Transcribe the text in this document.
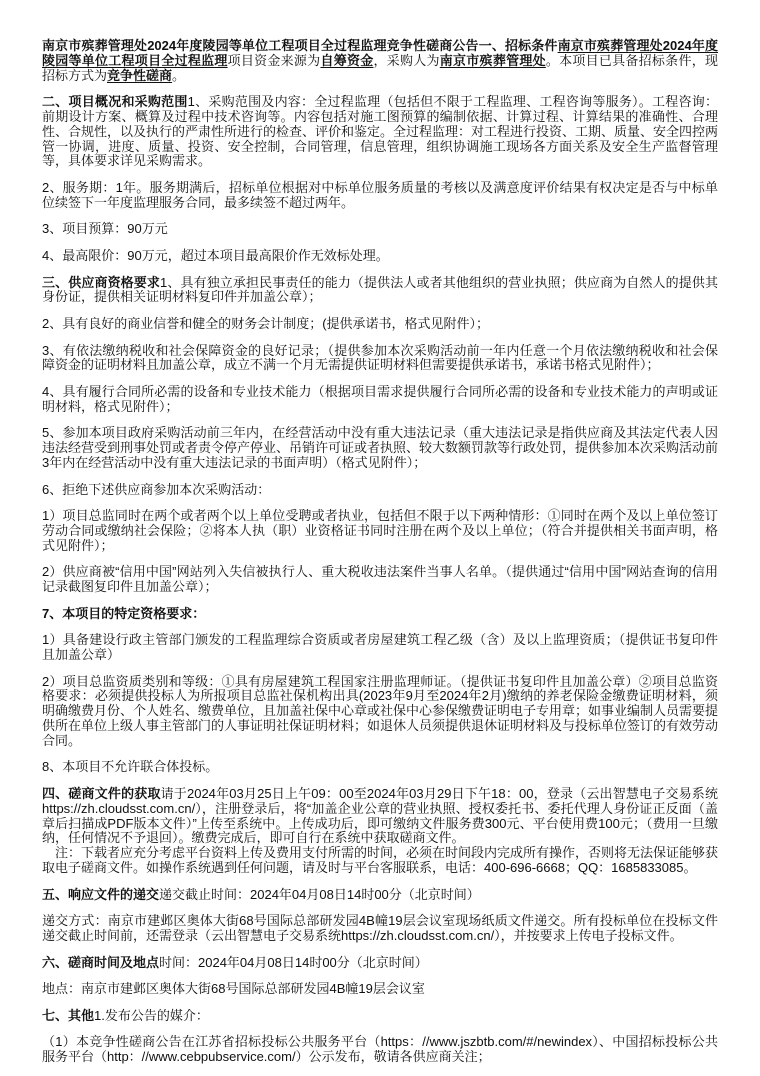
南京市殡葬管理处2024年度陵园等单位工程项目全过程监理竞争性磋商公告一、招标条件南京市殡葬管理处2024年度陵园等单位工程项目全过程监理项目资金来源为自筹资金，采购人为南京市殡葬管理处。本项目已具备招标条件，现招标方式为竞争性磋商。

二、项目概况和采购范围1、采购范围及内容：全过程监理（包括但不限于工程监理、工程咨询等服务）。工程咨询：前期设计方案、概算及过程中技术咨询等。内容包括对施工图预算的编制依据、计算过程、计算结果的准确性、合理性、合规性，以及执行的严肃性所进行的检查、评价和鉴定。全过程监理：对工程进行投资、工期、质量、安全四控两管一协调，进度、质量、投资、安全控制，合同管理，信息管理，组织协调施工现场各方面关系及安全生产监督管理等，具体要求详见采购需求。

2、服务期：1年。服务期满后，招标单位根据对中标单位服务质量的考核以及满意度评价结果有权决定是否与中标单位续签下一年度监理服务合同，最多续签不超过两年。

3、项目预算：90万元

4、最高限价：90万元，超过本项目最高限价作无效标处理。

三、供应商资格要求1、具有独立承担民事责任的能力（提供法人或者其他组织的营业执照；供应商为自然人的提供其身份证，提供相关证明材料复印件并加盖公章）；

2、具有良好的商业信誉和健全的财务会计制度；(提供承诺书，格式见附件）；

3、有依法缴纳税收和社会保障资金的良好记录；（提供参加本次采购活动前一年内任意一个月依法缴纳税收和社会保障资金的证明材料且加盖公章，成立不满一个月无需提供证明材料但需要提供承诺书，承诺书格式见附件）；

4、具有履行合同所必需的设备和专业技术能力（根据项目需求提供履行合同所必需的设备和专业技术能力的声明或证明材料，格式见附件）；

5、参加本项目政府采购活动前三年内，在经营活动中没有重大违法记录（重大违法记录是指供应商及其法定代表人因违法经营受到刑事处罚或者责令停产停业、吊销许可证或者执照、较大数额罚款等行政处罚，提供参加本次采购活动前3年内在经营活动中没有重大违法记录的书面声明）（格式见附件）；

6、拒绝下述供应商参加本次采购活动：

1）项目总监同时在两个或者两个以上单位受聘或者执业，包括但不限于以下两种情形：①同时在两个及以上单位签订劳动合同或缴纳社会保险；②将本人执（职）业资格证书同时注册在两个及以上单位；（符合并提供相关书面声明，格式见附件）；

2）供应商被“信用中国”网站列入失信被执行人、重大税收违法案件当事人名单。（提供通过“信用中国”网站查询的信用记录截图复印件且加盖公章）；

7、本项目的特定资格要求：

1）具备建设行政主管部门颁发的工程监理综合资质或者房屋建筑工程乙级（含）及以上监理资质；（提供证书复印件且加盖公章）

2）项目总监资质类别和等级：①具有房屋建筑工程国家注册监理师证。（提供证书复印件且加盖公章）②项目总监资格要求：必须提供投标人为所报项目总监社保机构出具(2023年9月至2024年2月)缴纳的养老保险金缴费证明材料，须明确缴费月份、个人姓名、缴费单位，且加盖社保中心章或社保中心参保缴费证明电子专用章；如事业编制人员需要提供所在单位上级人事主管部门的人事证明社保证明材料；如退休人员须提供退休证明材料及与投标单位签订的有效劳动合同。

8、本项目不允许联合体投标。

四、磋商文件的获取请于2024年03月25日上午09：00至2024年03月29日下午18：00，登录（云出智慧电子交易系统https://zh.cloudsst.com.cn/），注册登录后，将“加盖企业公章的营业执照、授权委托书、委托代理人身份证正反面（盖章后扫描成PDF版本文件）”上传至系统中。上传成功后，即可缴纳文件服务费300元、平台使用费100元；（费用一旦缴纳，任何情况不予退回）。缴费完成后，即可自行在系统中获取磋商文件。

注：下载者应充分考虑平台资料上传及费用支付所需的时间，必须在时间段内完成所有操作，否则将无法保证能够获取电子磋商文件。如操作系统遇到任何问题，请及时与平台客服联系，电话：400-696-6668；QQ：1685833085。

五、响应文件的递交递交截止时间：2024年04月08日14时00分（北京时间）

递交方式：南京市建邺区奥体大街68号国际总部研发园4B幢19层会议室现场纸质文件递交。所有投标单位在投标文件递交截止时间前，还需登录（云出智慧电子交易系统https://zh.cloudsst.com.cn/），并按要求上传电子投标文件。

六、磋商时间及地点时间：2024年04月08日14时00分（北京时间）

地点：南京市建邺区奥体大街68号国际总部研发园4B幢19层会议室

七、其他1.发布公告的媒介：

（1）本竞争性磋商公告在江苏省招标投标公共服务平台（https：//www.jszbtb.com/#/newindex）、中国招标投标公共服务平台（http：//www.cebpubservice.com/）公示发布，敬请各供应商关注；
